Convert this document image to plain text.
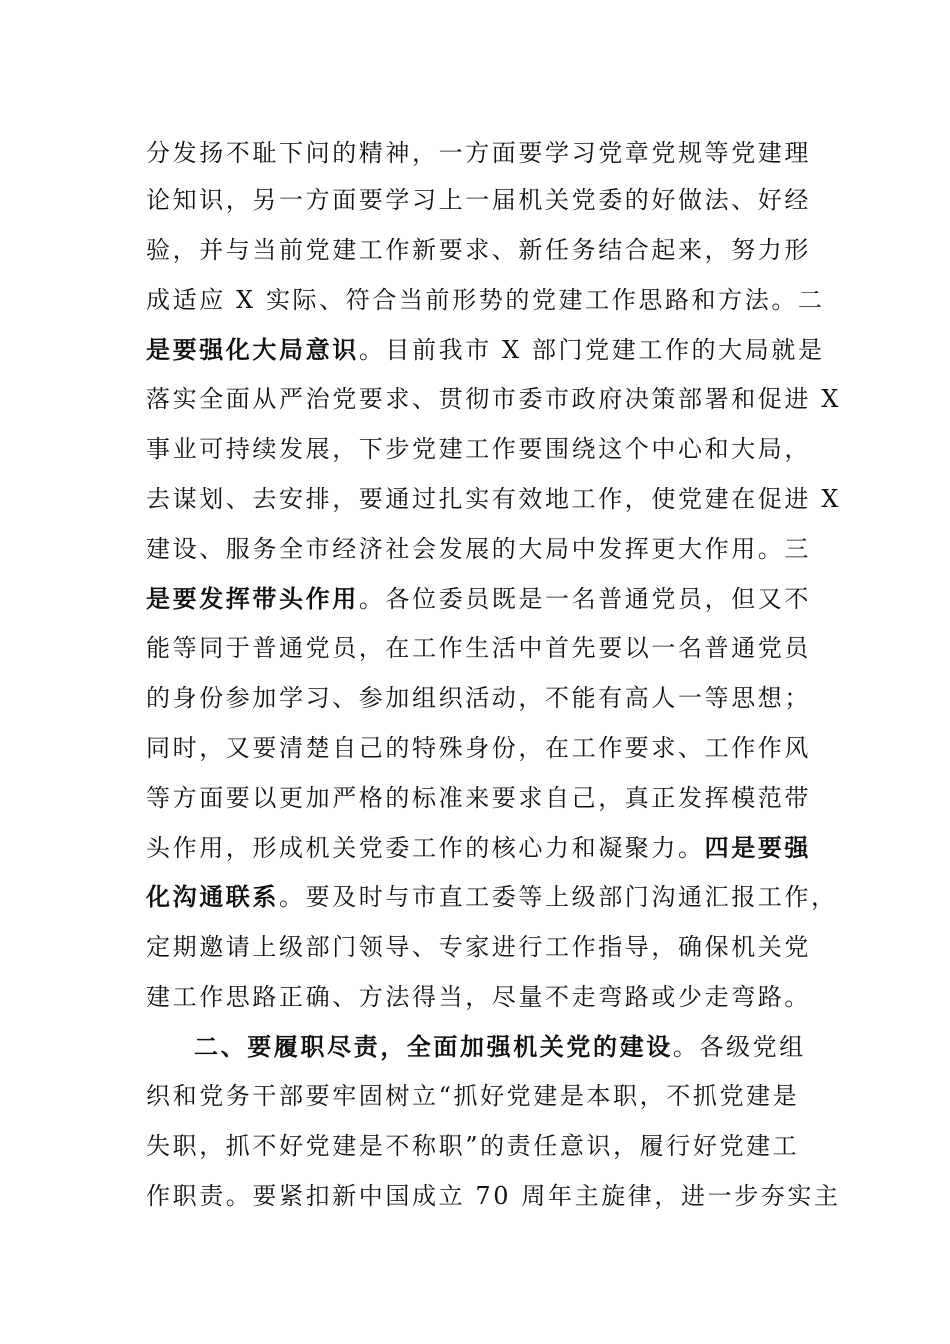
分发扬不耻下问的精神，一方面要学习党章党规等党建理
论知识，另一方面要学习上一届机关党委的好做法、好经
验，并与当前党建工作新要求、新任务结合起来，努力形
成适应 X 实际、符合当前形势的党建工作思路和方法。二
是要强化大局意识。目前我市 X 部门党建工作的大局就是
落实全面从严治党要求、贯彻市委市政府决策部署和促进 X
事业可持续发展，下步党建工作要围绕这个中心和大局，
去谋划、去安排，要通过扎实有效地工作，使党建在促进 X
建设、服务全市经济社会发展的大局中发挥更大作用。三
是要发挥带头作用。各位委员既是一名普通党员，但又不
能等同于普通党员，在工作生活中首先要以一名普通党员
的身份参加学习、参加组织活动，不能有高人一等思想；
同时，又要清楚自己的特殊身份，在工作要求、工作作风
等方面要以更加严格的标准来要求自己，真正发挥模范带
头作用，形成机关党委工作的核心力和凝聚力。四是要强
化沟通联系。要及时与市直工委等上级部门沟通汇报工作，
定期邀请上级部门领导、专家进行工作指导，确保机关党
建工作思路正确、方法得当，尽量不走弯路或少走弯路。
二、要履职尽责，全面加强机关党的建设。各级党组
织和党务干部要牢固树立“抓好党建是本职，不抓党建是
失职，抓不好党建是不称职”的责任意识，履行好党建工
作职责。要紧扣新中国成立 70 周年主旋律，进一步夯实主
